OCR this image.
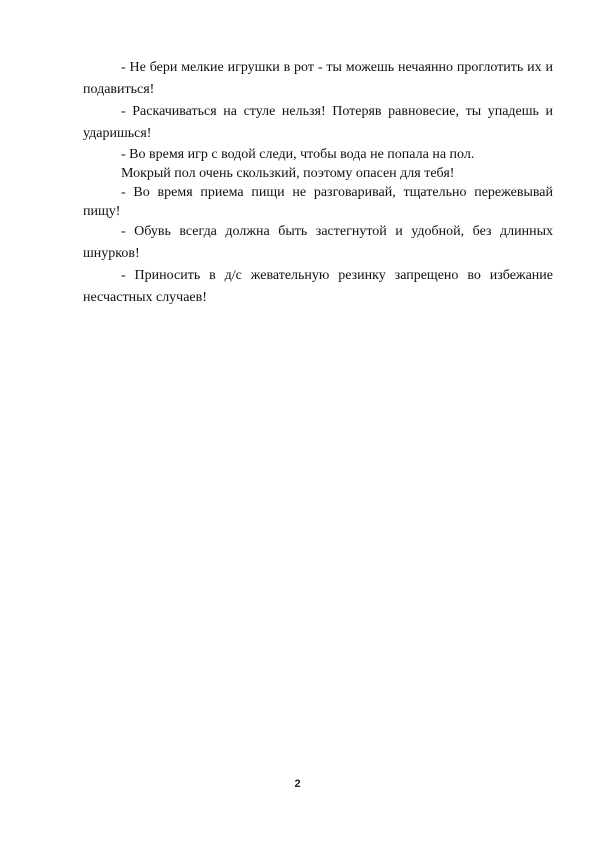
- Не бери мелкие игрушки в рот - ты можешь нечаянно проглотить их и подавиться!

- Раскачиваться на стуле нельзя! Потеряв равновесие, ты упадешь и ударишься!

- Во время игр с водой следи, чтобы вода не попала на пол.

Мокрый пол очень скользкий, поэтому опасен для тебя!

- Во время приема пищи не разговаривай, тщательно пережевывай пищу!

- Обувь всегда должна быть застегнутой и удобной, без длинных шнурков!

- Приносить в д/с жевательную резинку запрещено во избежание несчастных случаев!

2
